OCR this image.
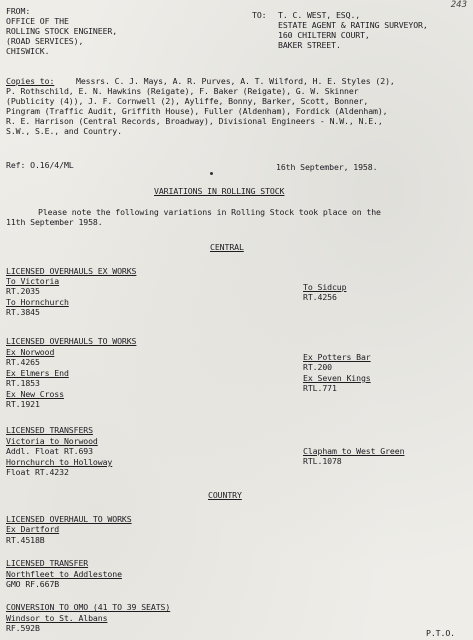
243
FROM:
OFFICE OF THE
ROLLING STOCK ENGINEER,
(ROAD SERVICES),
CHISWICK.
TO: T. C. WEST, ESQ.,
ESTATE AGENT & RATING SURVEYOR,
160 CHILTERN COURT,
BAKER STREET.
Copies to:	Messrs. C. J. Mays, A. R. Purves, A. T. Wilford, H. E. Styles (2),
P. Rothschild, E. N. Hawkins (Reigate), F. Baker (Reigate), G. W. Skinner
(Publicity (4)), J. F. Cornwell (2), Ayliffe, Bonny, Barker, Scott, Bonner,
Pingram (Traffic Audit, Griffith House), Fuller (Aldenham), Fordick (Aldenham),
R. E. Harrison (Central Records, Broadway), Divisional Engineers - N.W., N.E.,
S.W., S.E., and Country.
Ref: O.16/4/ML	16th September, 1958.
VARIATIONS IN ROLLING STOCK
Please note the following variations in Rolling Stock took place on the
11th September 1958.
CENTRAL
LICENSED OVERHAULS EX WORKS
To Victoria
RT.2035
To Hornchurch
RT.3845
To Sidcup
RT.4256
LICENSED OVERHAULS TO WORKS
Ex Norwood
RT.4265
Ex Elmers End
RT.1853
Ex New Cross
RT.1921
Ex Potters Bar
RT.200
Ex Seven Kings
RTL.771
LICENSED TRANSFERS
Victoria to Norwood
Addl. Float RT.693
Hornchurch to Holloway
Float RT.4232
Clapham to West Green
RTL.1078
COUNTRY
LICENSED OVERHAUL TO WORKS
Ex Dartford
RT.4518B
LICENSED TRANSFER
Northfleet to Addlestone
GMO RF.667B
CONVERSION TO OMO (41 TO 39 SEATS)
Windsor to St. Albans
RF.592B	P.T.O.
